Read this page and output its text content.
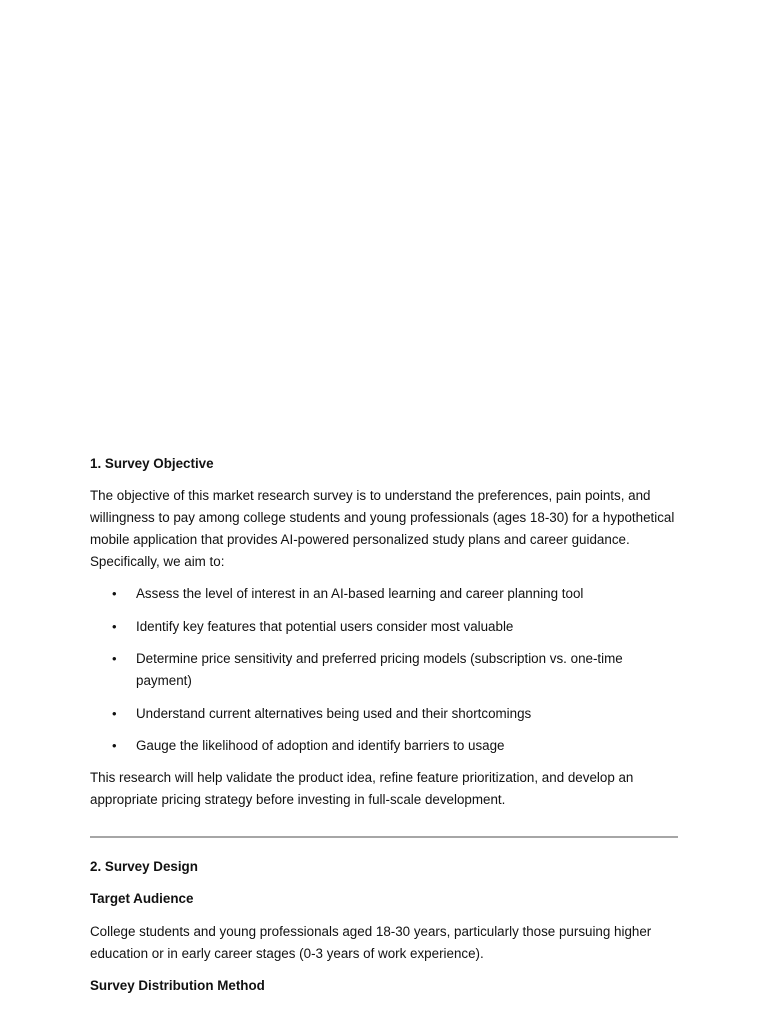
1. Survey Objective

The objective of this market research survey is to understand the preferences, pain points, and willingness to pay among college students and young professionals (ages 18-30) for a hypothetical mobile application that provides AI-powered personalized study plans and career guidance. Specifically, we aim to:

• Assess the level of interest in an AI-based learning and career planning tool
• Identify key features that potential users consider most valuable
• Determine price sensitivity and preferred pricing models (subscription vs. one-time payment)
• Understand current alternatives being used and their shortcomings
• Gauge the likelihood of adoption and identify barriers to usage

This research will help validate the product idea, refine feature prioritization, and develop an appropriate pricing strategy before investing in full-scale development.

2. Survey Design

Target Audience

College students and young professionals aged 18-30 years, particularly those pursuing higher education or in early career stages (0-3 years of work experience).

Survey Distribution Method
